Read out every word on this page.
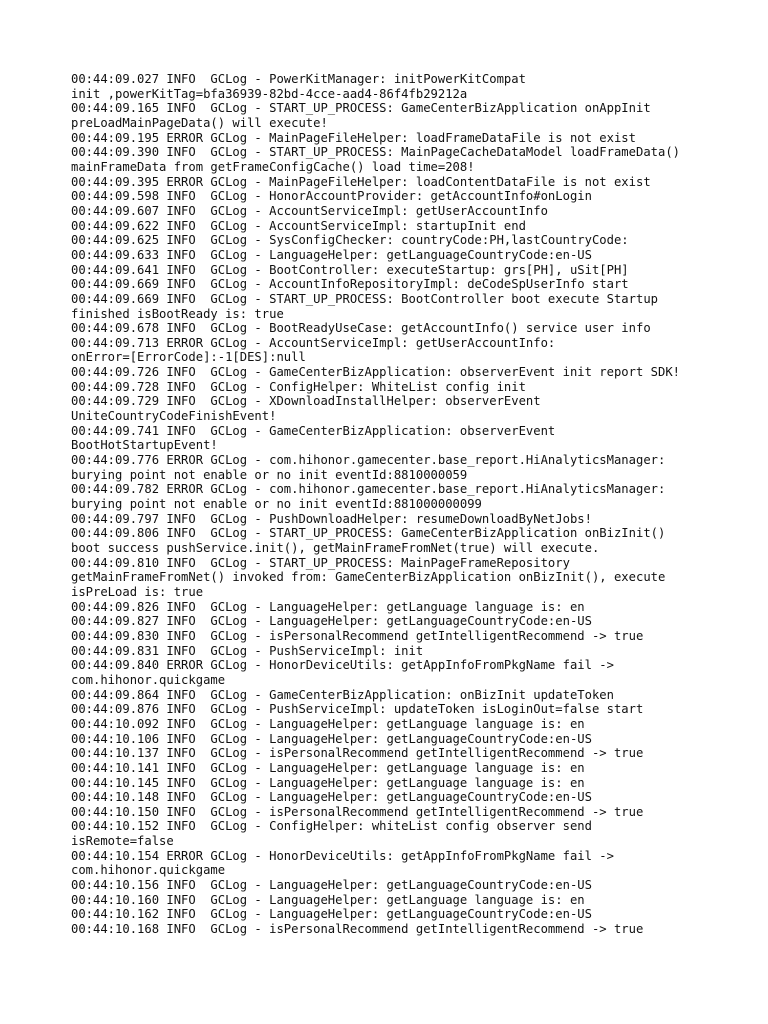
00:44:09.027 INFO  GCLog - PowerKitManager: initPowerKitCompat
init ,powerKitTag=bfa36939-82bd-4cce-aad4-86f4fb29212a
00:44:09.165 INFO  GCLog - START_UP_PROCESS: GameCenterBizApplication onAppInit
preLoadMainPageData() will execute!
00:44:09.195 ERROR GCLog - MainPageFileHelper: loadFrameDataFile is not exist
00:44:09.390 INFO  GCLog - START_UP_PROCESS: MainPageCacheDataModel loadFrameData()
mainFrameData from getFrameConfigCache() load time=208!
00:44:09.395 ERROR GCLog - MainPageFileHelper: loadContentDataFile is not exist
00:44:09.598 INFO  GCLog - HonorAccountProvider: getAccountInfo#onLogin
00:44:09.607 INFO  GCLog - AccountServiceImpl: getUserAccountInfo
00:44:09.622 INFO  GCLog - AccountServiceImpl: startupInit end
00:44:09.625 INFO  GCLog - SysConfigChecker: countryCode:PH,lastCountryCode:
00:44:09.633 INFO  GCLog - LanguageHelper: getLanguageCountryCode:en-US
00:44:09.641 INFO  GCLog - BootController: executeStartup: grs[PH], uSit[PH]
00:44:09.669 INFO  GCLog - AccountInfoRepositoryImpl: deCodeSpUserInfo start
00:44:09.669 INFO  GCLog - START_UP_PROCESS: BootController boot execute Startup
finished isBootReady is: true
00:44:09.678 INFO  GCLog - BootReadyUseCase: getAccountInfo() service user info
00:44:09.713 ERROR GCLog - AccountServiceImpl: getUserAccountInfo:
onError=[ErrorCode]:-1[DES]:null
00:44:09.726 INFO  GCLog - GameCenterBizApplication: observerEvent init report SDK!
00:44:09.728 INFO  GCLog - ConfigHelper: WhiteList config init
00:44:09.729 INFO  GCLog - XDownloadInstallHelper: observerEvent
UniteCountryCodeFinishEvent!
00:44:09.741 INFO  GCLog - GameCenterBizApplication: observerEvent
BootHotStartupEvent!
00:44:09.776 ERROR GCLog - com.hihonor.gamecenter.base_report.HiAnalyticsManager:
burying point not enable or no init eventId:8810000059
00:44:09.782 ERROR GCLog - com.hihonor.gamecenter.base_report.HiAnalyticsManager:
burying point not enable or no init eventId:881000000099
00:44:09.797 INFO  GCLog - PushDownloadHelper: resumeDownloadByNetJobs!
00:44:09.806 INFO  GCLog - START_UP_PROCESS: GameCenterBizApplication onBizInit()
boot success pushService.init(), getMainFrameFromNet(true) will execute.
00:44:09.810 INFO  GCLog - START_UP_PROCESS: MainPageFrameRepository
getMainFrameFromNet() invoked from: GameCenterBizApplication onBizInit(), execute
isPreLoad is: true
00:44:09.826 INFO  GCLog - LanguageHelper: getLanguage language is: en
00:44:09.827 INFO  GCLog - LanguageHelper: getLanguageCountryCode:en-US
00:44:09.830 INFO  GCLog - isPersonalRecommend getIntelligentRecommend -> true
00:44:09.831 INFO  GCLog - PushServiceImpl: init
00:44:09.840 ERROR GCLog - HonorDeviceUtils: getAppInfoFromPkgName fail ->
com.hihonor.quickgame
00:44:09.864 INFO  GCLog - GameCenterBizApplication: onBizInit updateToken
00:44:09.876 INFO  GCLog - PushServiceImpl: updateToken isLoginOut=false start
00:44:10.092 INFO  GCLog - LanguageHelper: getLanguage language is: en
00:44:10.106 INFO  GCLog - LanguageHelper: getLanguageCountryCode:en-US
00:44:10.137 INFO  GCLog - isPersonalRecommend getIntelligentRecommend -> true
00:44:10.141 INFO  GCLog - LanguageHelper: getLanguage language is: en
00:44:10.145 INFO  GCLog - LanguageHelper: getLanguage language is: en
00:44:10.148 INFO  GCLog - LanguageHelper: getLanguageCountryCode:en-US
00:44:10.150 INFO  GCLog - isPersonalRecommend getIntelligentRecommend -> true
00:44:10.152 INFO  GCLog - ConfigHelper: whiteList config observer send
isRemote=false
00:44:10.154 ERROR GCLog - HonorDeviceUtils: getAppInfoFromPkgName fail ->
com.hihonor.quickgame
00:44:10.156 INFO  GCLog - LanguageHelper: getLanguageCountryCode:en-US
00:44:10.160 INFO  GCLog - LanguageHelper: getLanguage language is: en
00:44:10.162 INFO  GCLog - LanguageHelper: getLanguageCountryCode:en-US
00:44:10.168 INFO  GCLog - isPersonalRecommend getIntelligentRecommend -> true
